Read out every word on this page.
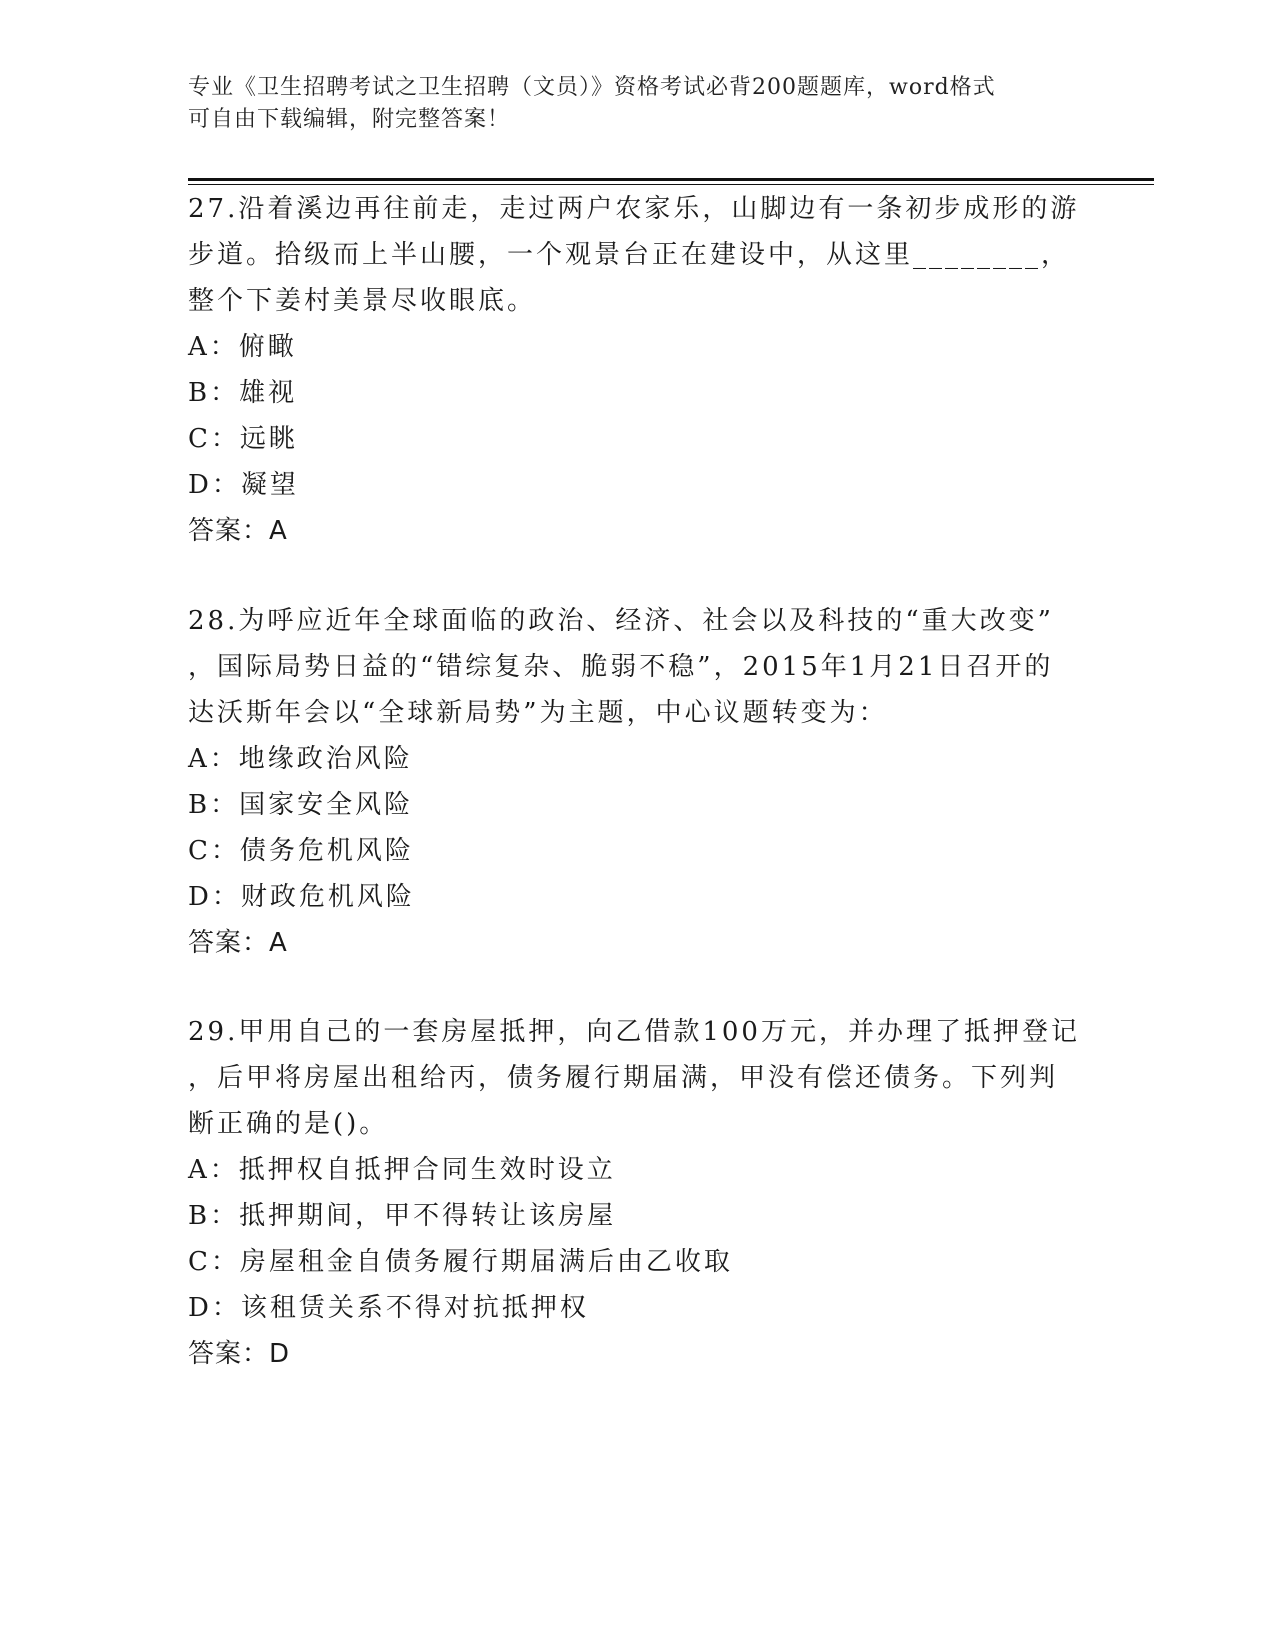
专业《卫生招聘考试之卫生招聘（文员）》资格考试必背200题题库，word格式
可自由下载编辑，附完整答案！
27.沿着溪边再往前走，走过两户农家乐，山脚边有一条初步成形的游
步道。拾级而上半山腰，一个观景台正在建设中，从这里________，
整个下姜村美景尽收眼底。
A：俯瞰
B：雄视
C：远眺
D：凝望
答案：A
28.为呼应近年全球面临的政治、经济、社会以及科技的“重大改变”
，国际局势日益的“错综复杂、脆弱不稳”，2015年1月21日召开的
达沃斯年会以“全球新局势”为主题，中心议题转变为：
A：地缘政治风险
B：国家安全风险
C：债务危机风险
D：财政危机风险
答案：A
29.甲用自己的一套房屋抵押，向乙借款100万元，并办理了抵押登记
，后甲将房屋出租给丙，债务履行期届满，甲没有偿还债务。下列判
断正确的是()。
A：抵押权自抵押合同生效时设立
B：抵押期间，甲不得转让该房屋
C：房屋租金自债务履行期届满后由乙收取
D：该租赁关系不得对抗抵押权
答案：D
